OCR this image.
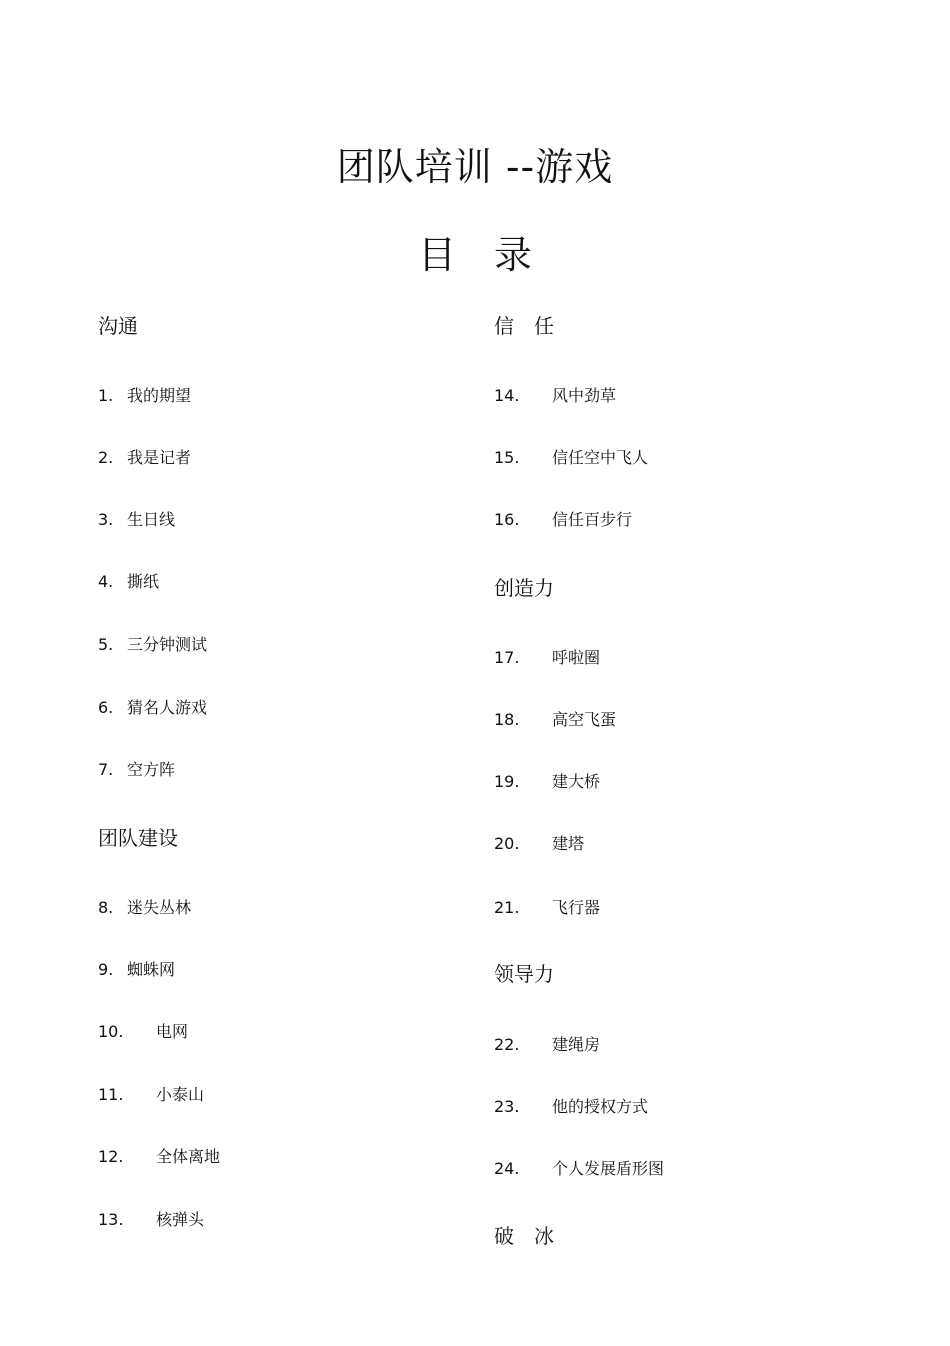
团队培训 --游戏
目　录
沟通
1. 我的期望
2. 我是记者
3. 生日线
4. 撕纸
5. 三分钟测试
6. 猜名人游戏
7. 空方阵
团队建设
8. 迷失丛林
9. 蜘蛛网
10. 电网
11. 小泰山
12. 全体离地
13. 核弹头
信　任
14. 风中劲草
15. 信任空中飞人
16. 信任百步行
创造力
17. 呼啦圈
18. 高空飞蛋
19. 建大桥
20. 建塔
21. 飞行器
领导力
22. 建绳房
23. 他的授权方式
24. 个人发展盾形图
破　冰
